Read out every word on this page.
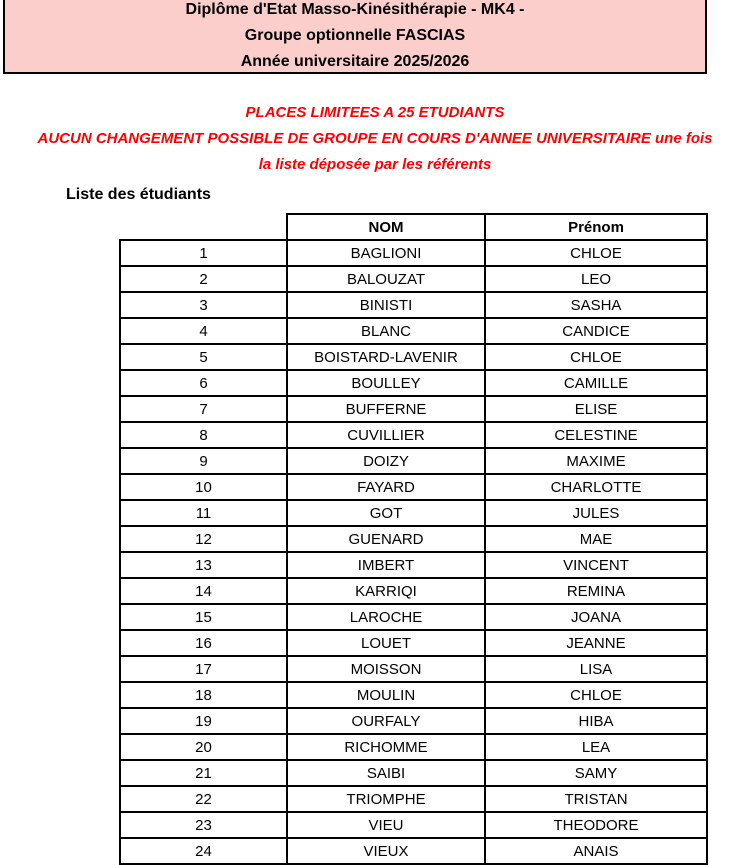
Diplôme d'Etat Masso-Kinésithérapie - MK4 -
Groupe optionnelle FASCIAS
Année universitaire 2025/2026
PLACES LIMITEES A 25 ETUDIANTS
AUCUN CHANGEMENT POSSIBLE DE GROUPE EN COURS D'ANNEE UNIVERSITAIRE une fois
la liste déposée par les référents
Liste des étudiants
	NOM	Prénom
1	BAGLIONI	CHLOE
2	BALOUZAT	LEO
3	BINISTI	SASHA
4	BLANC	CANDICE
5	BOISTARD-LAVENIR	CHLOE
6	BOULLEY	CAMILLE
7	BUFFERNE	ELISE
8	CUVILLIER	CELESTINE
9	DOIZY	MAXIME
10	FAYARD	CHARLOTTE
11	GOT	JULES
12	GUENARD	MAE
13	IMBERT	VINCENT
14	KARRIQI	REMINA
15	LAROCHE	JOANA
16	LOUET	JEANNE
17	MOISSON	LISA
18	MOULIN	CHLOE
19	OURFALY	HIBA
20	RICHOMME	LEA
21	SAIBI	SAMY
22	TRIOMPHE	TRISTAN
23	VIEU	THEODORE
24	VIEUX	ANAIS
